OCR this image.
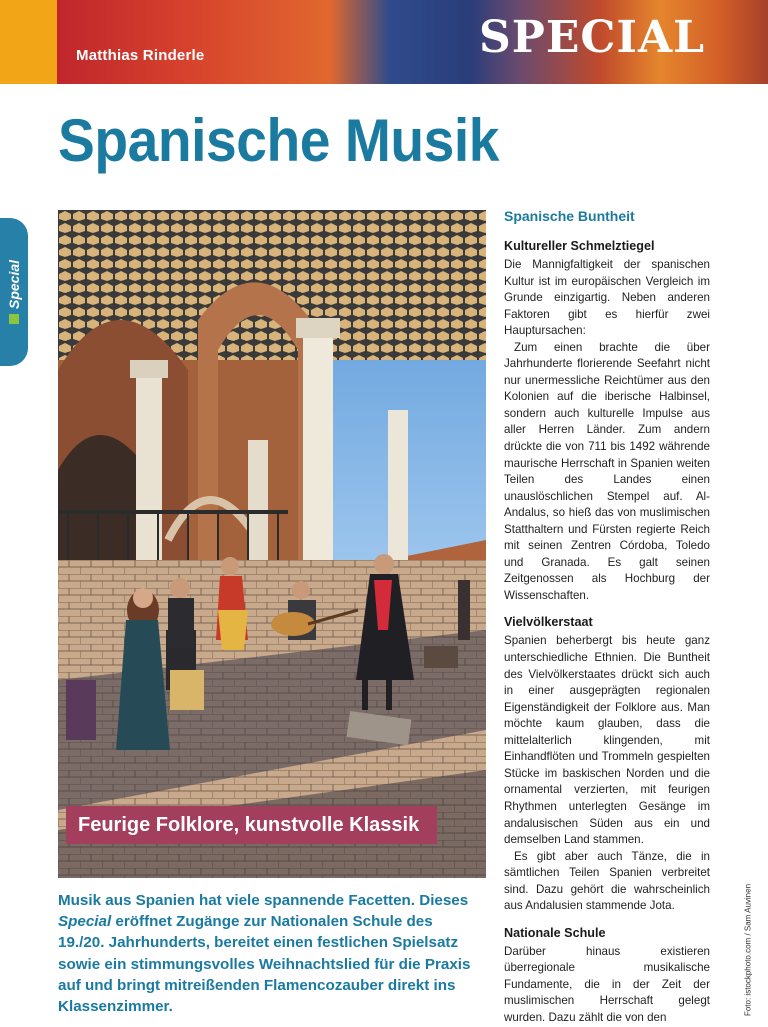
Matthias Rinderle	SPECIAL
Special
Spanische Musik
Feurige Folklore, kunstvolle Klassik
Musik aus Spanien hat viele spannende Facetten. Dieses Special eröffnet Zugänge zur Nationalen Schule des 19./20. Jahrhunderts, bereitet einen festlichen Spielsatz sowie ein stimmungsvolles Weihnachtslied für die Praxis auf und bringt mitreißenden Flamencozauber direkt ins Klassenzimmer.
Spanische Buntheit
Kultureller Schmelztiegel

Die Mannigfaltigkeit der spanischen Kultur ist im europäischen Vergleich im Grunde einzigartig. Neben anderen Faktoren gibt es hierfür zwei Hauptursachen:

Zum einen brachte die über Jahrhunderte florierende Seefahrt nicht nur unermessliche Reichtümer aus den Kolonien auf die iberische Halbinsel, sondern auch kulturelle Impulse aus aller Herren Länder. Zum andern drückte die von 711 bis 1492 währende maurische Herrschaft in Spanien weiten Teilen des Landes einen unauslöschlichen Stempel auf. Al-Andalus, so hieß das von muslimischen Statthaltern und Fürsten regierte Reich mit seinen Zentren Córdoba, Toledo und Granada. Es galt seinen Zeitgenossen als Hochburg der Wissenschaften.

Vielvölkerstaat

Spanien beherbergt bis heute ganz unterschiedliche Ethnien. Die Buntheit des Vielvölkerstaates drückt sich auch in einer ausgeprägten regionalen Eigenständigkeit der Folklore aus. Man möchte kaum glauben, dass die mittelalterlich klingenden, mit Einhandflöten und Trommeln gespielten Stücke im baskischen Norden und die ornamental verzierten, mit feurigen Rhythmen unterlegten Gesänge im andalusischen Süden aus ein und demselben Land stammen.

Es gibt aber auch Tänze, die in sämtlichen Teilen Spanien verbreitet sind. Dazu gehört die wahrscheinlich aus Andalusien stammende Jota.

Nationale Schule

Darüber hinaus existieren überregionale musikalische Fundamente, die in der Zeit der muslimischen Herrschaft gelegt wurden. Dazu zählt die von den

Foto: istockphoto.com / Sam Auvinen
